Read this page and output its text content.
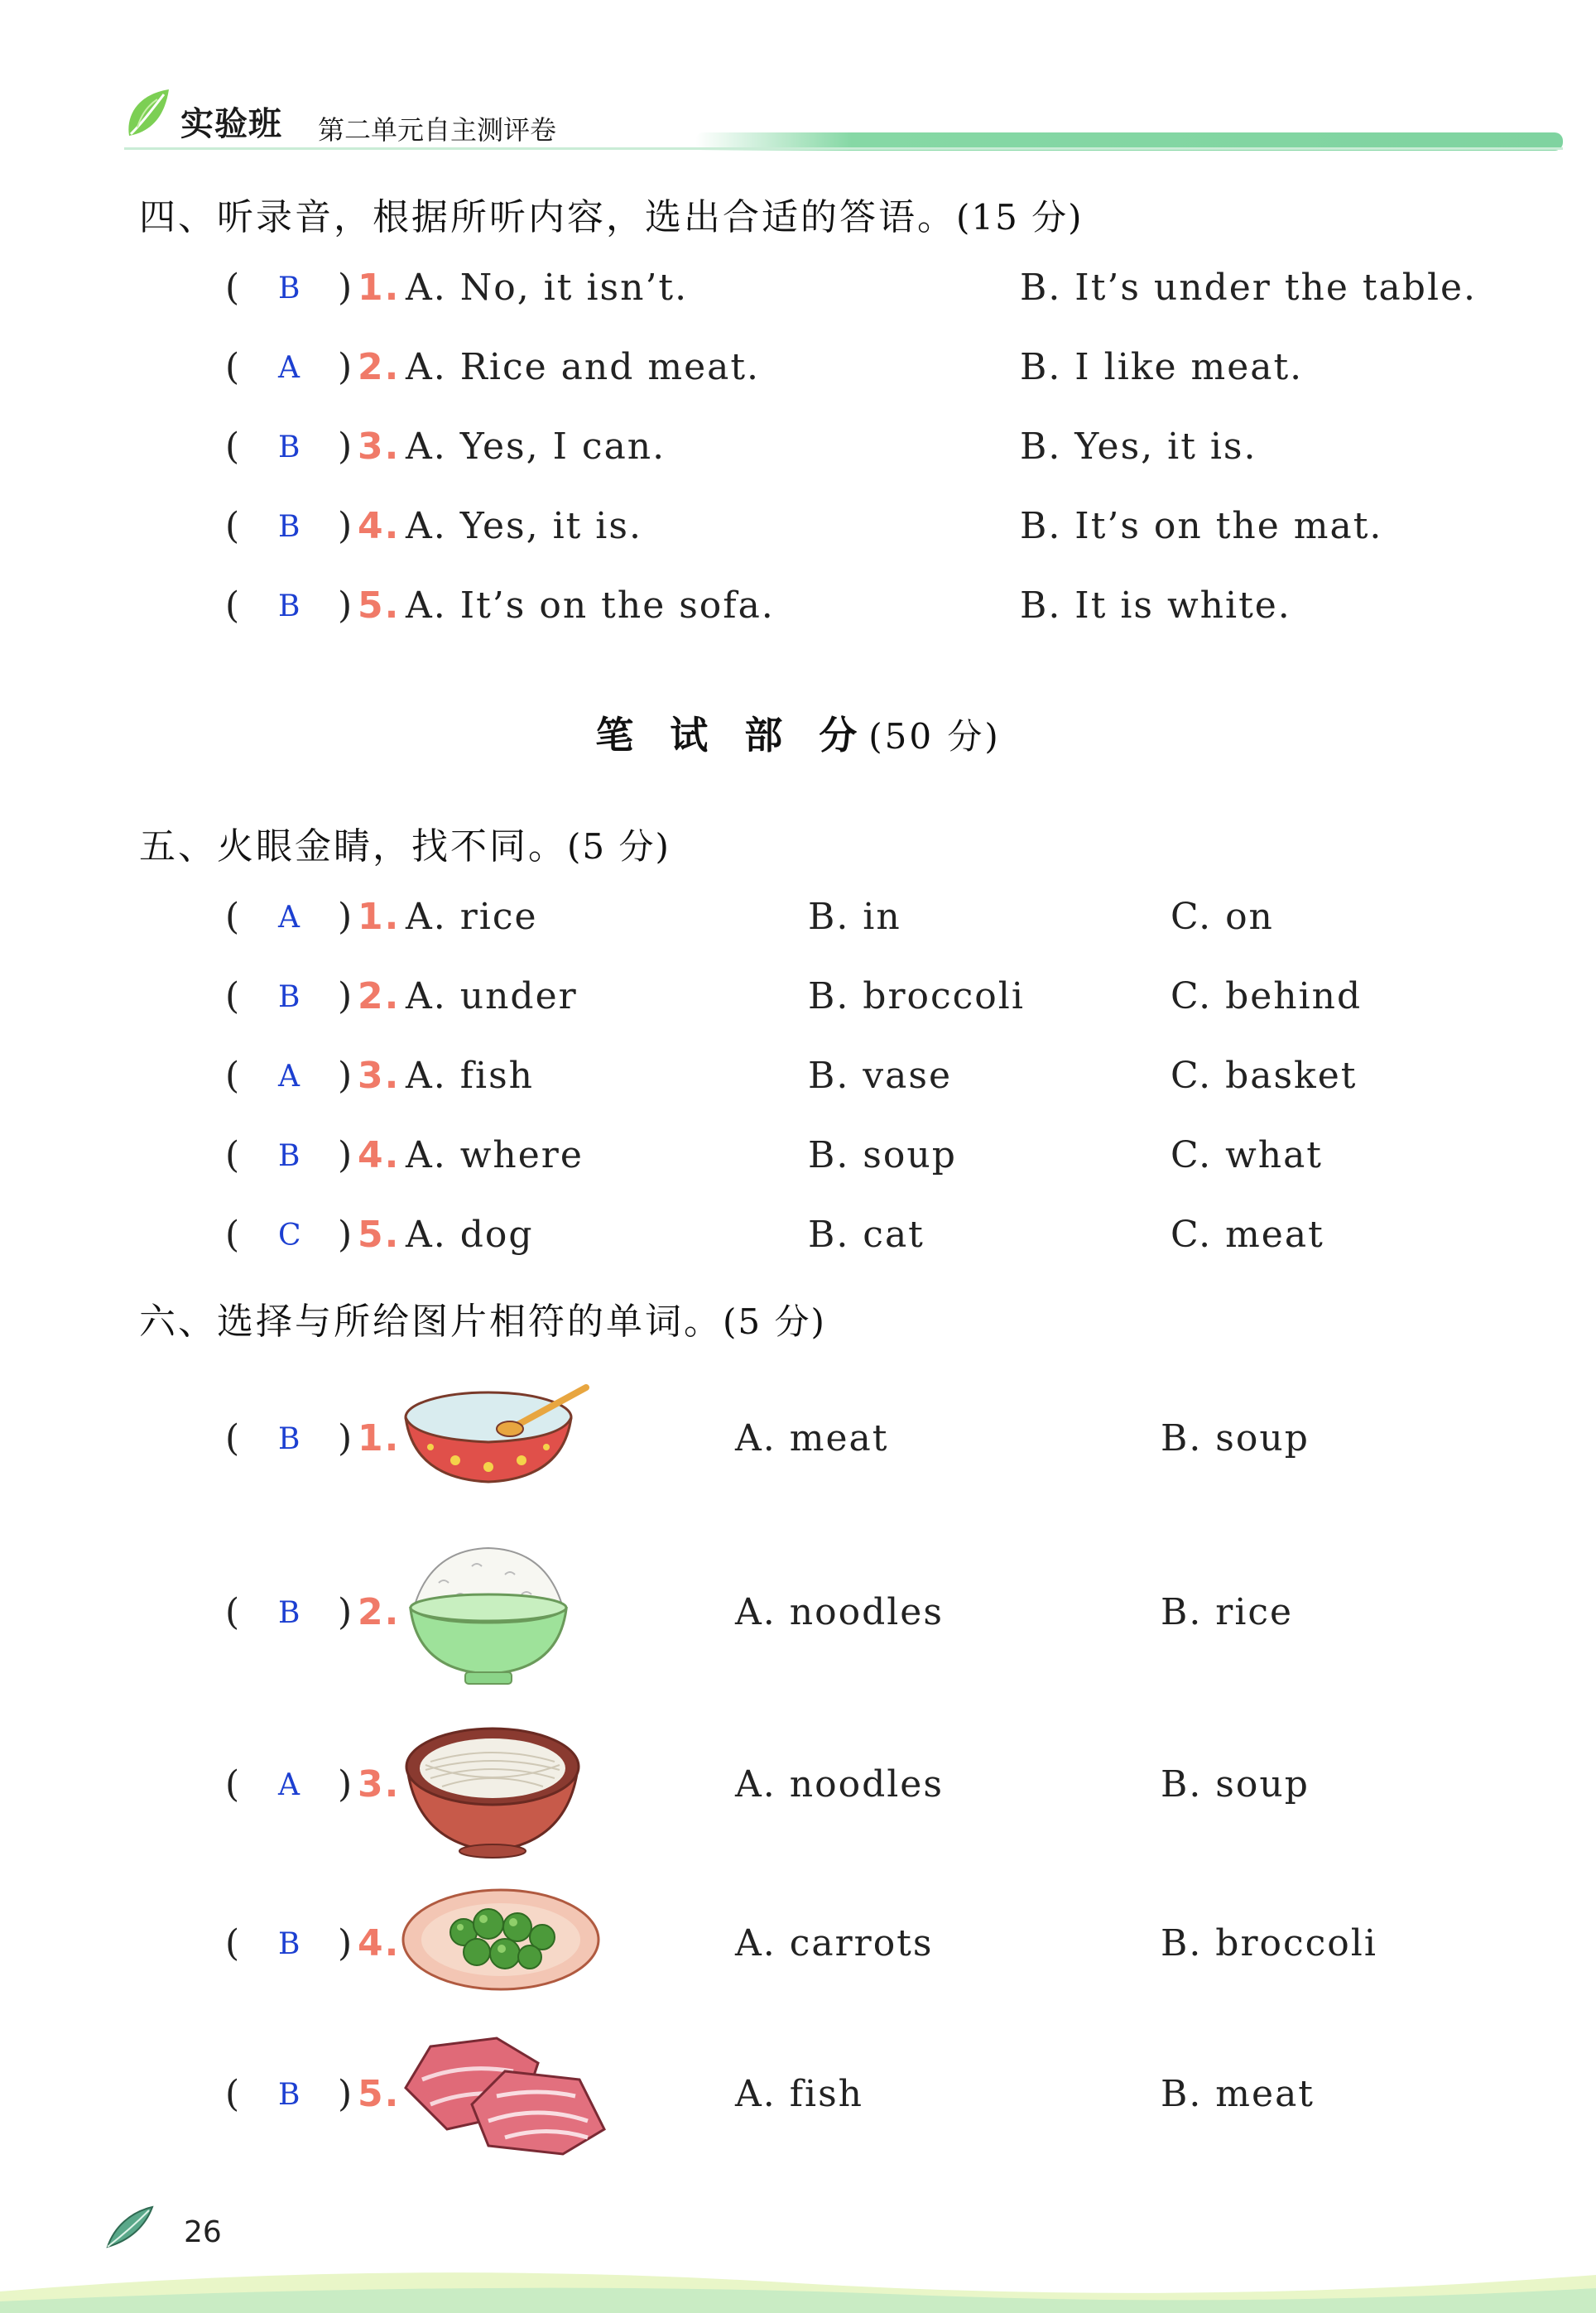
实验班 第二单元自主测评卷
四、听录音，根据所听内容，选出合适的答语。(15 分)
( B ) 1. A. No, it isn’t.	B. It’s under the table.
( A ) 2. A. Rice and meat.	B. I like meat.
( B ) 3. A. Yes, I can.	B. Yes, it is.
( B ) 4. A. Yes, it is.	B. It’s on the mat.
( B ) 5. A. It’s on the sofa.	B. It is white.
笔 试 部 分(50 分)
五、火眼金睛，找不同。(5 分)
( A ) 1. A. rice	B. in	C. on
( B ) 2. A. under	B. broccoli	C. behind
( A ) 3. A. fish	B. vase	C. basket
( B ) 4. A. where	B. soup	C. what
( C ) 5. A. dog	B. cat	C. meat
六、选择与所给图片相符的单词。(5 分)
( B ) 1.	A. meat	B. soup
( B ) 2.	A. noodles	B. rice
( A ) 3.	A. noodles	B. soup
( B ) 4.	A. carrots	B. broccoli
( B ) 5.	A. fish	B. meat
26
